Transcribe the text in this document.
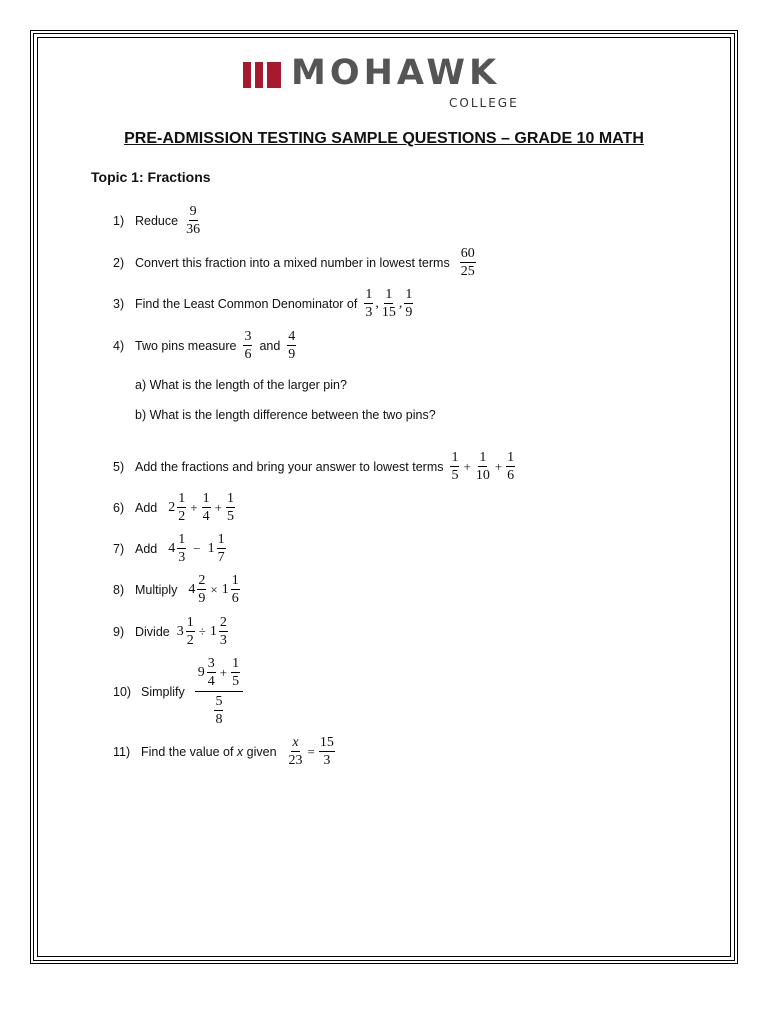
MOHAWK
COLLEGE
PRE-ADMISSION TESTING SAMPLE QUESTIONS – GRADE 10 MATH
Topic 1: Fractions
1) Reduce $\frac{9}{36}$
2) Convert this fraction into a mixed number in lowest terms $\frac{60}{25}$
3) Find the Least Common Denominator of $\frac{1}{3}$ , $\frac{1}{15}$ , $\frac{1}{9}$
4) Two pins measure $\frac{3}{6}$ and $\frac{4}{9}$
a) What is the length of the larger pin?
b) What is the length difference between the two pins?
5) Add the fractions and bring your answer to lowest terms $\frac{1}{5} + \frac{1}{10} + \frac{1}{6}$
6) Add $2 \frac{1}{2} + \frac{1}{4} + \frac{1}{5}$
7) Add $4 \frac{1}{3} - 1 \frac{1}{7}$
8) Multiply $4 \frac{2}{9} \times 1 \frac{1}{6}$
9) Divide $3 \frac{1}{2} \div 1 \frac{2}{3}$
10) Simplify
$9 \frac{3}{4} + \frac{1}{5}$
$\frac{5}{8}$
11) Find the value of
x
given $\frac{x}{23} = \frac{15}{3}$
